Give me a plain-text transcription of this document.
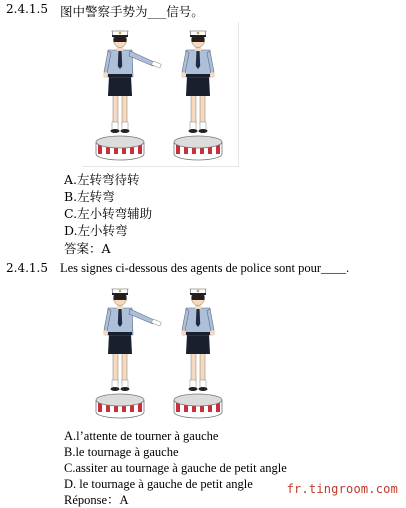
2.4.1.5 图中警察手势为___信号。
A.左转弯待转
B.左转弯
C.左小转弯辅助
D.左小转弯
答案：A
2.4.1.5 Les signes ci-dessous des agents de police sont pour____.
A.l’attente de tourner à gauche
B.le tournage à gauche
C.assiter au tournage à gauche de petit angle
D. le tournage à gauche de petit angle
Réponse：A
fr.tingroom.com
